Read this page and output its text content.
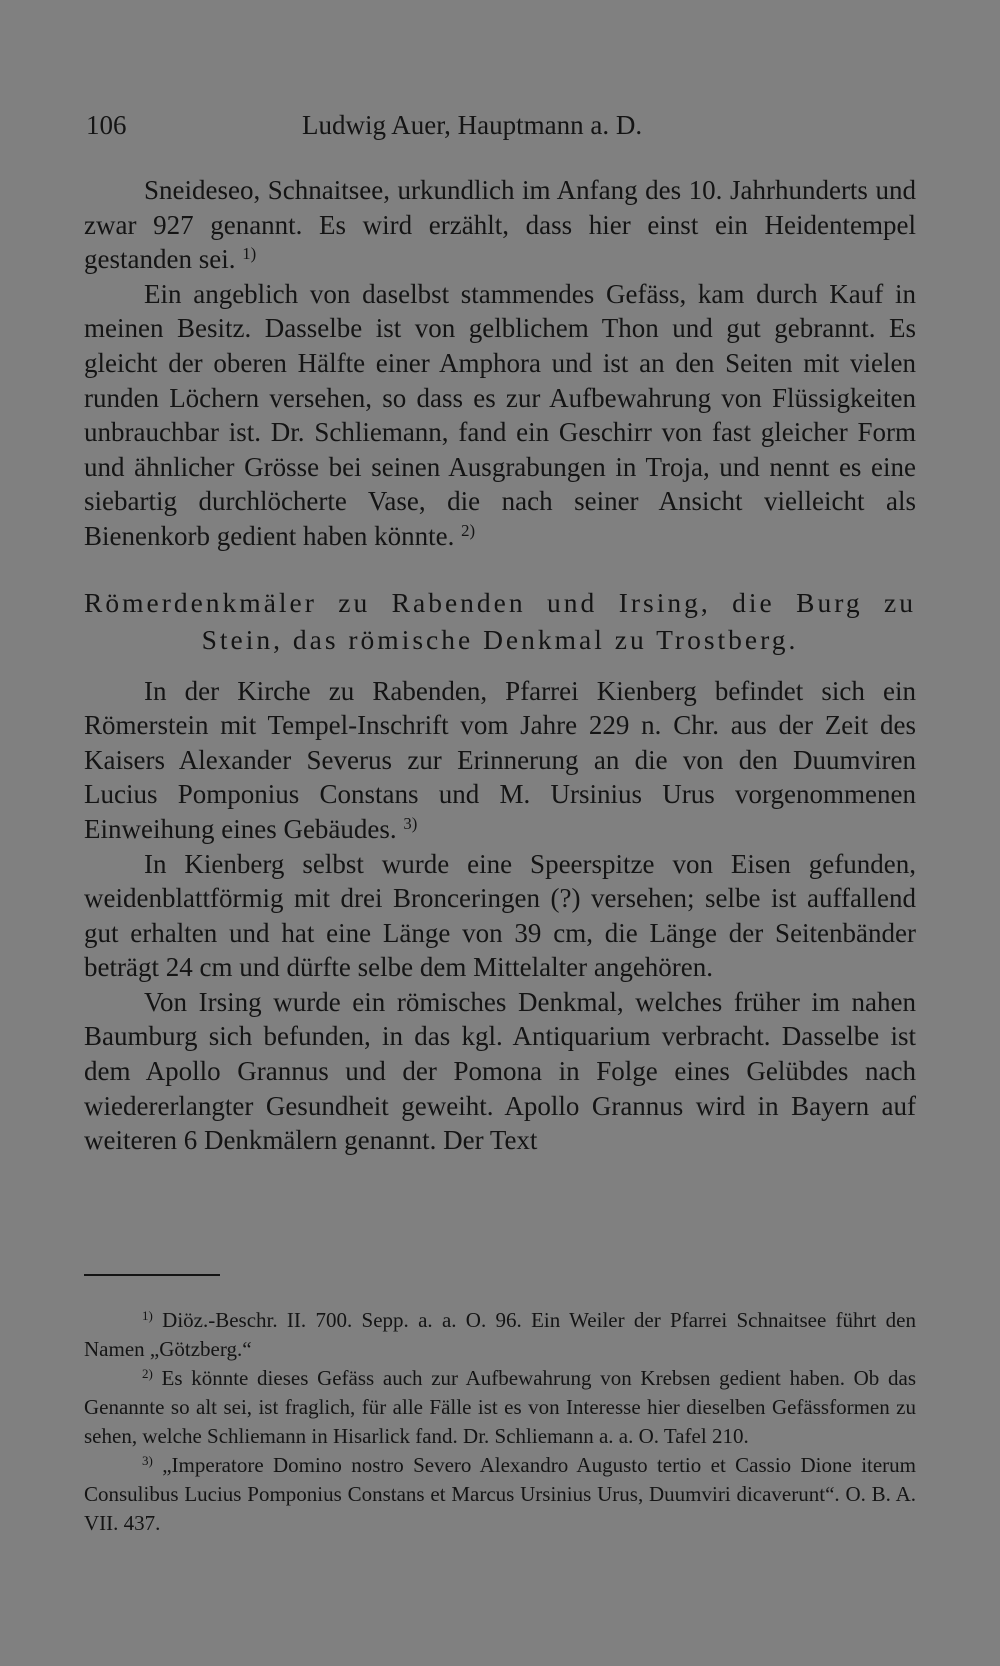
106	Ludwig Auer, Hauptmann a. D.

Sneideseo, Schnaitsee, urkundlich im Anfang des 10. Jahrhunderts und zwar 927 genannt. Es wird erzählt, dass hier einst ein Heidentempel gestanden sei. $^{1)}$

Ein angeblich von daselbst stammendes Gefäss, kam durch Kauf in meinen Besitz. Dasselbe ist von gelblichem Thon und gut gebrannt. Es gleicht der oberen Hälfte einer Amphora und ist an den Seiten mit vielen runden Löchern versehen, so dass es zur Aufbewahrung von Flüssigkeiten unbrauchbar ist. Dr. Schliemann, fand ein Geschirr von fast gleicher Form und ähnlicher Grösse bei seinen Ausgrabungen in Troja, und nennt es eine siebartig durchlöcherte Vase, die nach seiner Ansicht vielleicht als Bienenkorb gedient haben könnte. $^{2)}$

Römerdenkmäler zu Rabenden und Irsing, die Burg zu
Stein, das römische Denkmal zu Trostberg.

In der Kirche zu Rabenden, Pfarrei Kienberg befindet sich ein Römerstein mit Tempel-Inschrift vom Jahre 229 n. Chr. aus der Zeit des Kaisers Alexander Severus zur Erinnerung an die von den Duumviren Lucius Pomponius Constans und M. Ursinius Urus vorgenommenen Einweihung eines Gebäudes. $^{3)}$

In Kienberg selbst wurde eine Speerspitze von Eisen gefunden, weidenblattförmig mit drei Bronceringen (?) versehen; selbe ist auffallend gut erhalten und hat eine Länge von 39 cm, die Länge der Seitenbänder beträgt 24 cm und dürfte selbe dem Mittelalter angehören.

Von Irsing wurde ein römisches Denkmal, welches früher im nahen Baumburg sich befunden, in das kgl. Antiquarium verbracht. Dasselbe ist dem Apollo Grannus und der Pomona in Folge eines Gelübdes nach wiedererlangter Gesundheit geweiht. Apollo Grannus wird in Bayern auf weiteren 6 Denkmälern genannt. Der Text

$^{1)}$ Diöz.-Beschr. II. 700. Sepp. a. a. O. 96. Ein Weiler der Pfarrei Schnaitsee führt den Namen „Götzberg.“

$^{2)}$ Es könnte dieses Gefäss auch zur Aufbewahrung von Krebsen gedient haben. Ob das Genannte so alt sei, ist fraglich, für alle Fälle ist es von Interesse hier dieselben Gefässformen zu sehen, welche Schliemann in Hisarlick fand. Dr. Schliemann a. a. O. Tafel 210.

$^{3)}$ „Imperatore Domino nostro Severo Alexandro Augusto tertio et Cassio Dione iterum Consulibus Lucius Pomponius Constans et Marcus Ursinius Urus, Duumviri dicaverunt“. O. B. A. VII. 437.
